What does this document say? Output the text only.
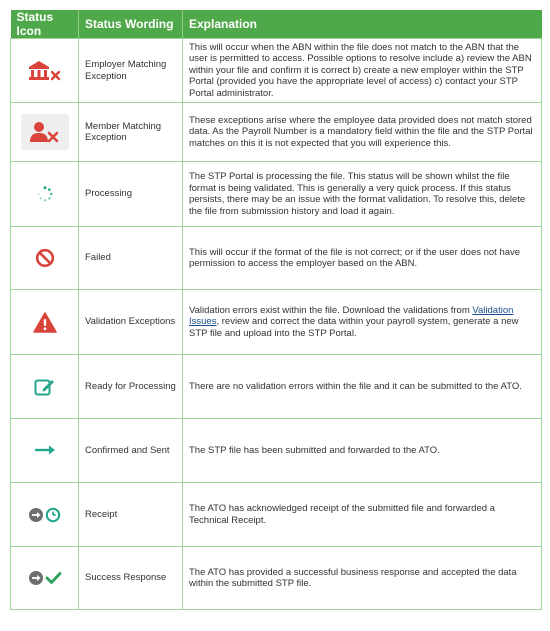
Status Icon	Status Wording	Explanation
	Employer Matching Exception	This will occur when the ABN within the file does not match to the ABN that the user is permitted to access. Possible options to resolve include a) review the ABN within your file and confirm it is correct b) create a new employer within the STP Portal (provided you have the appropriate level of access) c) contact your STP Portal administrator.

	Member Matching Exception	These exceptions arise where the employee data provided does not match stored data. As the Payroll Number is a mandatory field within the file and the STP Portal matches on this it is not expected that you will experience this.
	Processing	The STP Portal is processing the file. This status will be shown whilst the file format is being validated. This is generally a very quick process. If this status persists, there may be an issue with the format validation. To resolve this, delete the file from submission history and load it again.
	Failed	This will occur if the format of the file is not correct; or if the user does not have permission to access the employer based on the ABN.
	Validation Exceptions	Validation errors exist within the file. Download the validations from Validation Issues, review and correct the data within your payroll system, generate a new STP file and upload into the STP Portal.
	Ready for Processing	There are no validation errors within the file and it can be submitted to the ATO.
	Confirmed and Sent	The STP file has been submitted and forwarded to the ATO.
	Receipt	The ATO has acknowledged receipt of the submitted file and forwarded a Technical Receipt.
	Success Response	The ATO has provided a successful business response and accepted the data within the submitted STP file.
